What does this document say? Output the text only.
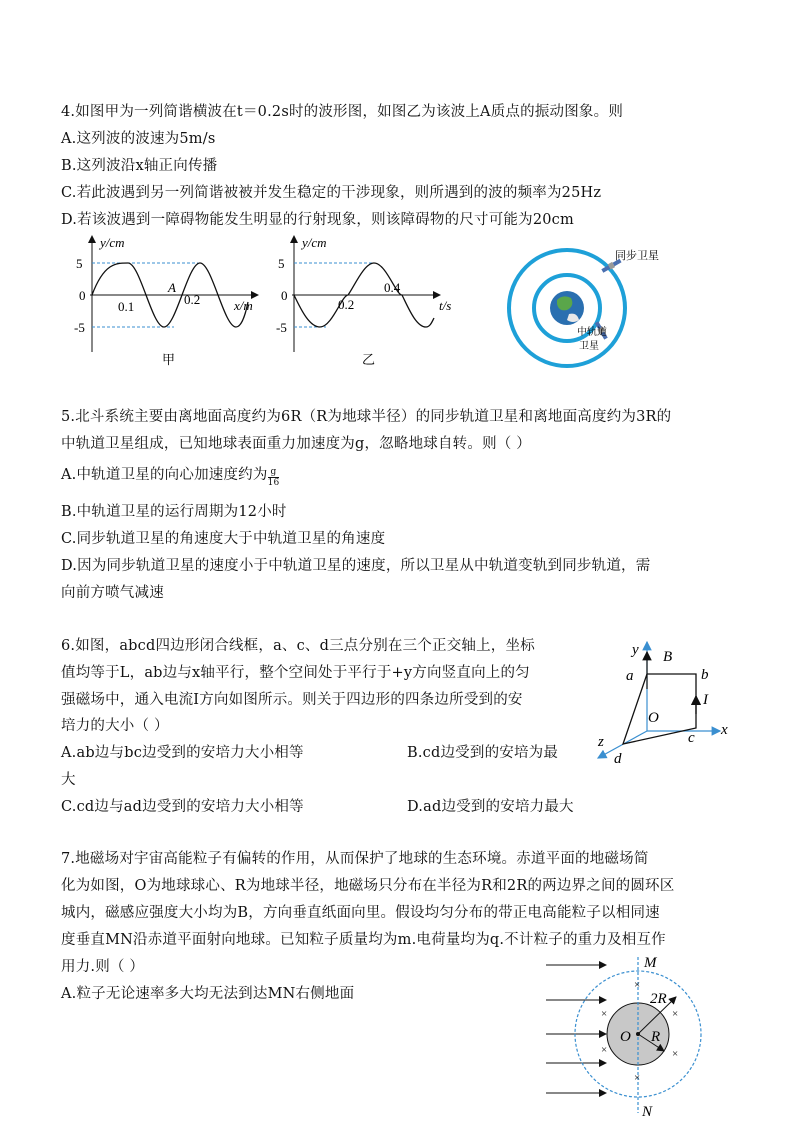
4.如图甲为一列简谐横波在t＝0.2s时的波形图，如图乙为该波上A质点的振动图象。则
A.这列波的波速为5m/s
B.这列波沿x轴正向传播
C.若此波遇到另一列简谐被被并发生稳定的干涉现象，则所遇到的波的频率为25Hz
D.若该波遇到一障碍物能发生明显的行射现象，则该障碍物的尺寸可能为20cm
y/cm
5
0
-5
0.1
A
0.2	x/m
甲
y/cm
5
0
-5
0.2
0.4
t/s
乙
同步卫星
中轨道
卫星
5.北斗系统主要由离地面高度约为6R（R为地球半径）的同步轨道卫星和离地面高度约为3R的
中轨道卫星组成，已知地球表面重力加速度为g，忽略地球自转。则（ ）
A.中轨道卫星的向心加速度约为 $\frac{g}{16}$
B.中轨道卫星的运行周期为12小时
C.同步轨道卫星的角速度大于中轨道卫星的角速度
D.因为同步轨道卫星的速度小于中轨道卫星的速度，所以卫星从中轨道变轨到同步轨道，需
向前方喷气减速
6.如图，abcd四边形闭合线框，a、c、d三点分别在三个正交轴上，坐标
值均等于L，ab边与x轴平行，整个空间处于平行于+y方向竖直向上的匀
强磁场中，通入电流I方向如图所示。则关于四边形的四条边所受到的安
培力的大小（ ）
A.ab边与bc边受到的安培力大小相等	B.cd边受到的安培为最
大
C.cd边与ad边受到的安培力大小相等	D.ad边受到的安培力最大
y B
a	b
I
O
x
z	c
d
7.地磁场对宇宙高能粒子有偏转的作用，从而保护了地球的生态环境。赤道平面的地磁场简
化为如图，O为地球球心、R为地球半径，地磁场只分布在半径为R和2R的两边界之间的圆环区
城内，磁感应强度大小均为B，方向垂直纸面向里。假设均匀分布的带正电高能粒子以相同速
度垂直MN沿赤道平面射向地球。已知粒子质量均为m.电荷量均为q.不计粒子的重力及相互作
用力.则（ ）
A.粒子无论速率多大均无法到达MN右侧地面
M
N
2R
O R
×
×
×
×	×
×
